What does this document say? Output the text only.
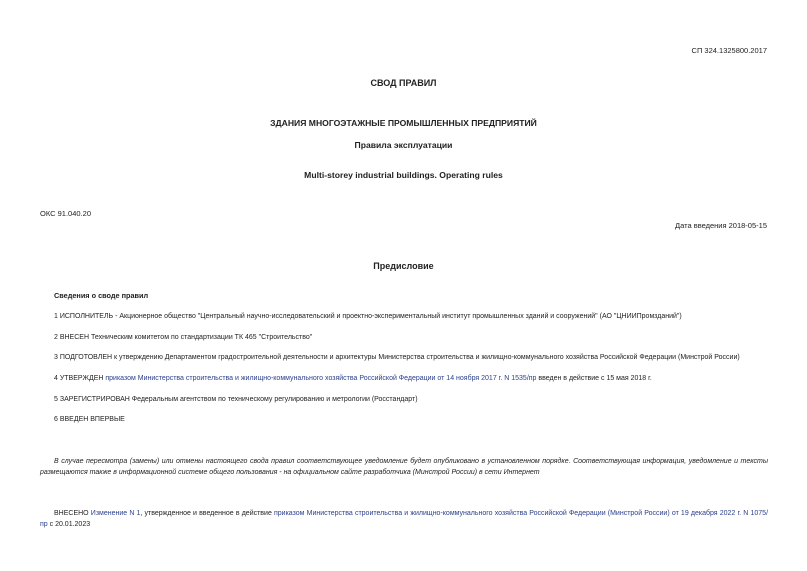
СП 324.1325800.2017
СВОД ПРАВИЛ
ЗДАНИЯ МНОГОЭТАЖНЫЕ ПРОМЫШЛЕННЫХ ПРЕДПРИЯТИЙ
Правила эксплуатации
Multi-storey industrial buildings. Operating rules
ОКС 91.040.20
Дата введения 2018-05-15
Предисловие
Сведения о своде правил
1 ИСПОЛНИТЕЛЬ - Акционерное общество "Центральный научно-исследовательский и проектно-экспериментальный институт промышленных зданий и сооружений" (АО "ЦНИИПромзданий")
2 ВНЕСЕН Техническим комитетом по стандартизации ТК 465 "Строительство"
3 ПОДГОТОВЛЕН к утверждению Департаментом градостроительной деятельности и архитектуры Министерства строительства и жилищно-коммунального хозяйства Российской Федерации (Минстрой России)
4 УТВЕРЖДЕН приказом Министерства строительства и жилищно-коммунального хозяйства Российской Федерации от 14 ноября 2017 г. N 1535/пр введен в действие с 15 мая 2018 г.
5 ЗАРЕГИСТРИРОВАН Федеральным агентством по техническому регулированию и метрологии (Росстандарт)
6 ВВЕДЕН ВПЕРВЫЕ
В случае пересмотра (замены) или отмены настоящего свода правил соответствующее уведомление будет опубликовано в установленном порядке. Соответствующая информация, уведомление и тексты размещаются также в информационной системе общего пользования - на официальном сайте разработчика (Минстрой России) в сети Интернет
ВНЕСЕНО Изменение N 1, утвержденное и введенное в действие приказом Министерства строительства и жилищно-коммунального хозяйства Российской Федерации (Минстрой России) от 19 декабря 2022 г. N 1075/пр с 20.01.2023
